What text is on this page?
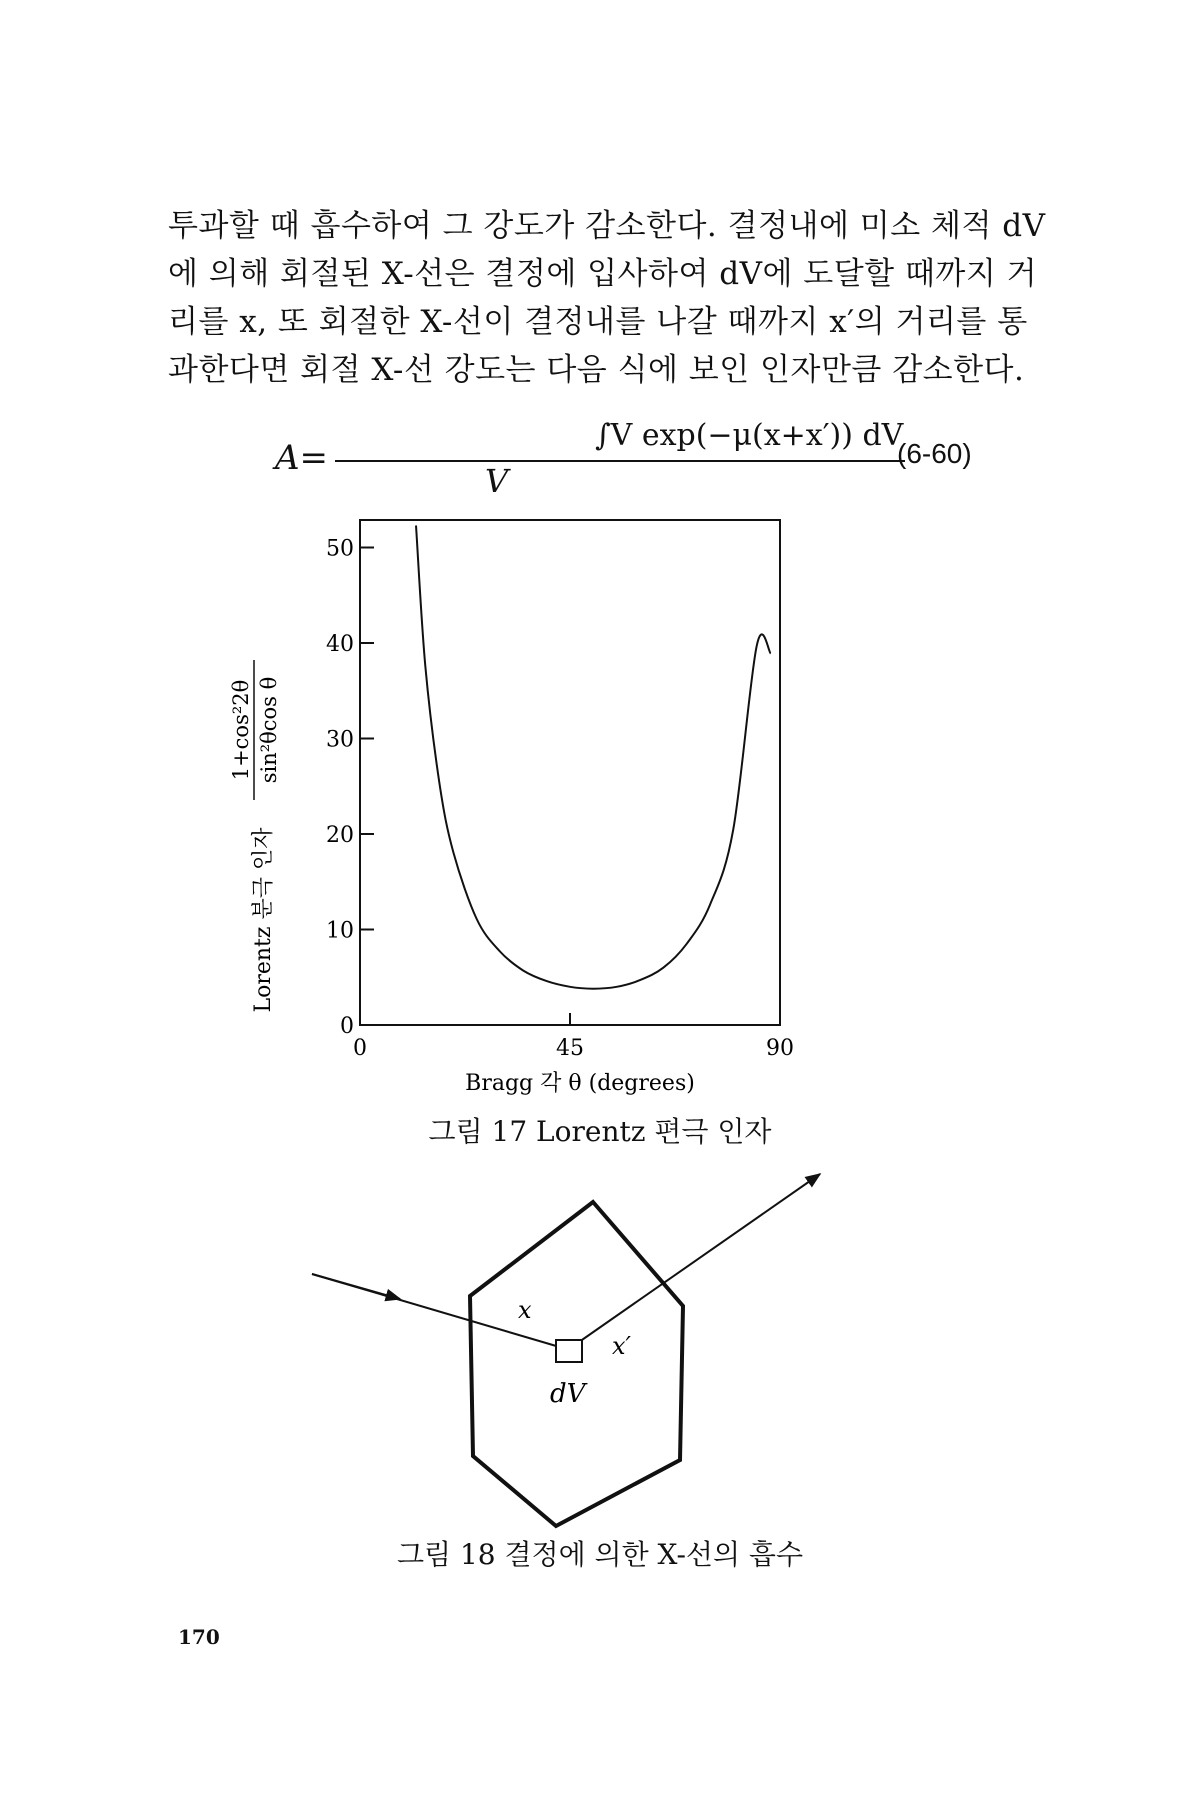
투과할 때 흡수하여 그 강도가 감소한다. 결정내에 미소 체적 dV
에 의해 회절된 X-선은 결정에 입사하여 dV에 도달할 때까지 거
리를 x, 또 회절한 X-선이 결정내를 나갈 때까지 x′의 거리를 통
과한다면 회절 X-선 강도는 다음 식에 보인 인자만큼 감소한다.
A=
∫V exp(−μ(x+x′)) dV
V
(6-60)
0
10
20
30
40
50
0	45	90
Bragg 각 θ (degrees)
Lorentz 분극 인자
1+cos²2θ sin²θcos θ
그림 17 Lorentz 편극 인자
x
x′
dV
그림 18 결정에 의한 X-선의 흡수
170
